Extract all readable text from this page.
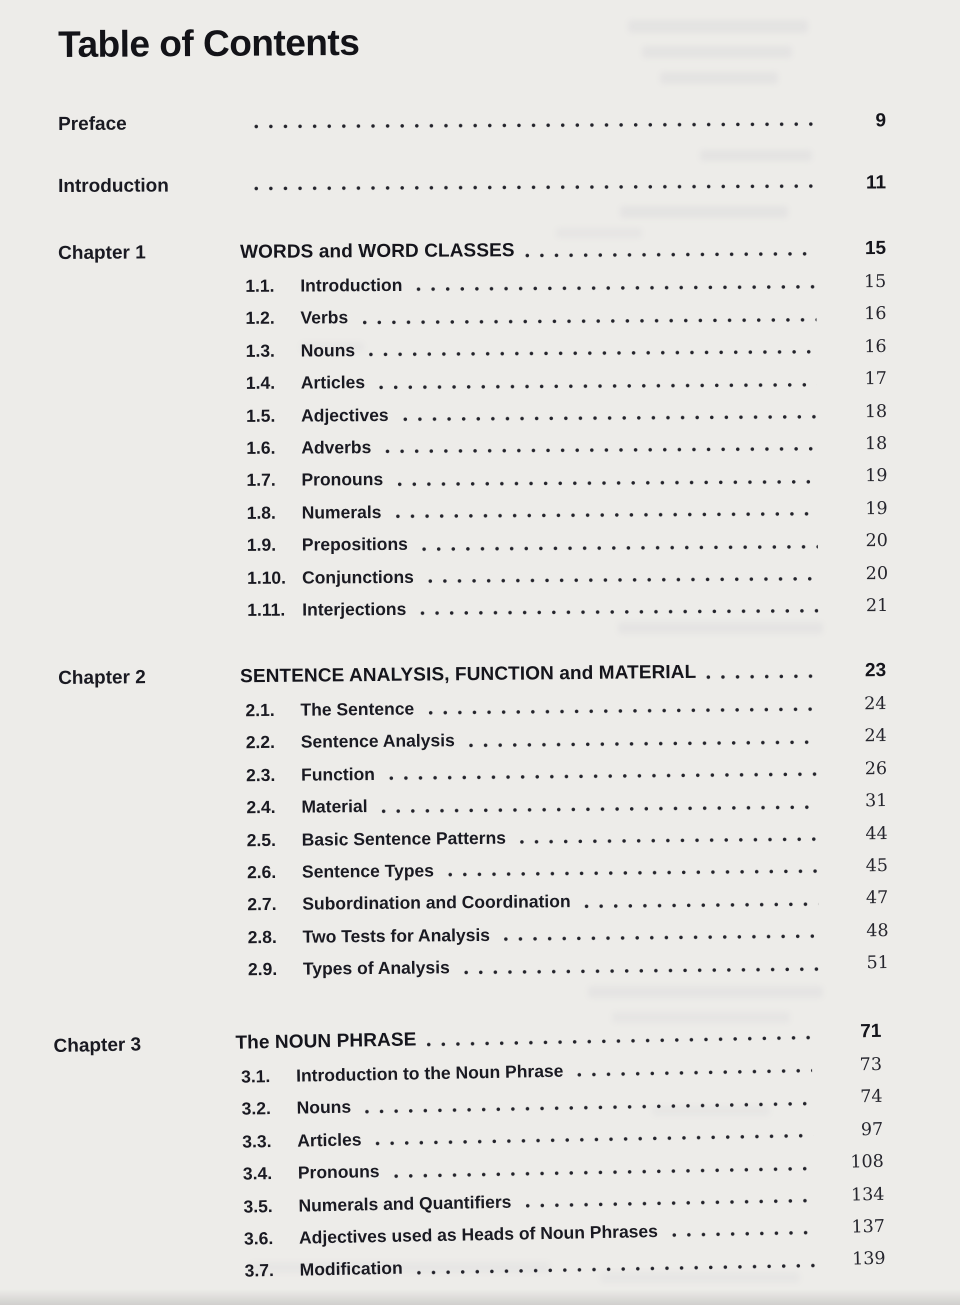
Table of Contents
Preface	9
Introduction	11
Chapter 1	WORDS and WORD CLASSES	15
1.1.	Introduction	15
1.2.	Verbs	16
1.3.	Nouns	16
1.4.	Articles	17
1.5.	Adjectives	18
1.6.	Adverbs	18
1.7.	Pronouns	19
1.8.	Numerals	19
1.9.	Prepositions	20
1.10. Conjunctions	20
1.11. Interjections	21
Chapter 2	SENTENCE ANALYSIS, FUNCTION and MATERIAL	23
2.1.	The Sentence	24
2.2.	Sentence Analysis	24
2.3.	Function	26
2.4.	Material	31
2.5.	Basic Sentence Patterns	44
2.6.	Sentence Types	45
2.7.	Subordination and Coordination	47
2.8.	Two Tests for Analysis	48
2.9.	Types of Analysis	51
Chapter 3	The NOUN PHRASE	71
3.1.	Introduction to the Noun Phrase	73
3.2.	Nouns	74
3.3.	Articles	97
3.4.	Pronouns	108
3.5.	Numerals and Quantifiers	134
3.6.	Adjectives used as Heads of Noun Phrases	137
3.7.	Modification	139
